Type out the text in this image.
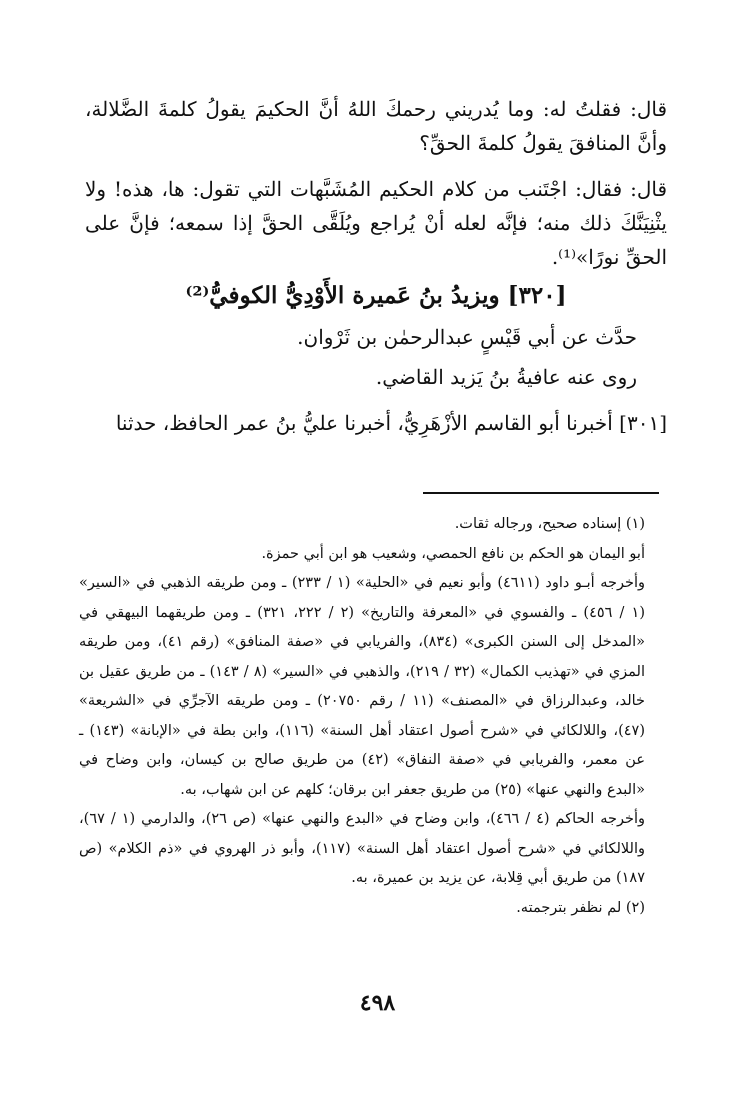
قال: فقلتُ له: وما يُدريني رحمكَ اللهُ أنَّ الحكيمَ يقولُ كلمةَ الضَّلالة، وأنَّ المنافقَ يقولُ كلمةَ الحقِّ؟

قال: فقال: اجْتَنب من كلام الحكيم المُشَبَّهات التي تقول: ها، هذه! ولا يثْنِيَنَّكَ ذلك منه؛ فإنَّه لعله أنْ يُراجع ويُلَقَّى الحقَّ إذا سمعه؛ فإنَّ على الحقِّ نورًا»⁽¹⁾.

[٣٢٠] ويزيدُ بنُ عَميرة الأَوْدِيُّ الكوفيُّ⁽²⁾

حدَّث عن أبي قَيْسٍ عبدالرحمٰن بن ثَرْوان.

روى عنه عافيةُ بنُ يَزيد القاضي.

[٣٠١] أخبرنا أبو القاسم الأزْهَرِيُّ، أخبرنا عليُّ بنُ عمر الحافظ، حدثنا

(١) إسناده صحيح، ورجاله ثقات.

أبو اليمان هو الحكم بن نافع الحمصي، وشعيب هو ابن أبي حمزة.

وأخرجه أبـو داود (٤٦١١) وأبو نعيم في «الحلية» (١ / ٢٣٣) ـ ومن طريقه الذهبي في «السير» (١ / ٤٥٦) ـ والفسوي في «المعرفة والتاريخ» (٢ / ٢٢٢، ٣٢١) ـ ومن طريقهما البيهقي في «المدخل إلى السنن الكبرى» (٨٣٤)، والفريابي في «صفة المنافق» (رقم ٤١)، ومن طريقه المزي في «تهذيب الكمال» (٣٢ / ٢١٩)، والذهبي في «السير» (٨ / ١٤٣) ـ من طريق عقيل بن خالد، وعبدالرزاق في «المصنف» (١١ / رقم ٢٠٧٥٠) ـ ومن طريقه الآجرِّي في «الشريعة» (٤٧)، واللالكائي في «شرح أصول اعتقاد أهل السنة» (١١٦)، وابن بطة في «الإبانة» (١٤٣) ـ عن معمر، والفريابي في «صفة النفاق» (٤٢) من طريق صالح بن كيسان، وابن وضاح في «البدع والنهي عنها» (٢٥) من طريق جعفر ابن برقان؛ كلهم عن ابن شهاب، به.

وأخرجه الحاكم (٤ / ٤٦٦)، وابن وضاح في «البدع والنهي عنها» (ص ٢٦)، والدارمي (١ / ٦٧)، واللالكائي في «شرح أصول اعتقاد أهل السنة» (١١٧)، وأبو ذر الهروي في «ذم الكلام» (ص ١٨٧) من طريق أبي قِلابة، عن يزيد بن عميرة، به.

(٢) لم نظفر بترجمته.

٤٩٨
